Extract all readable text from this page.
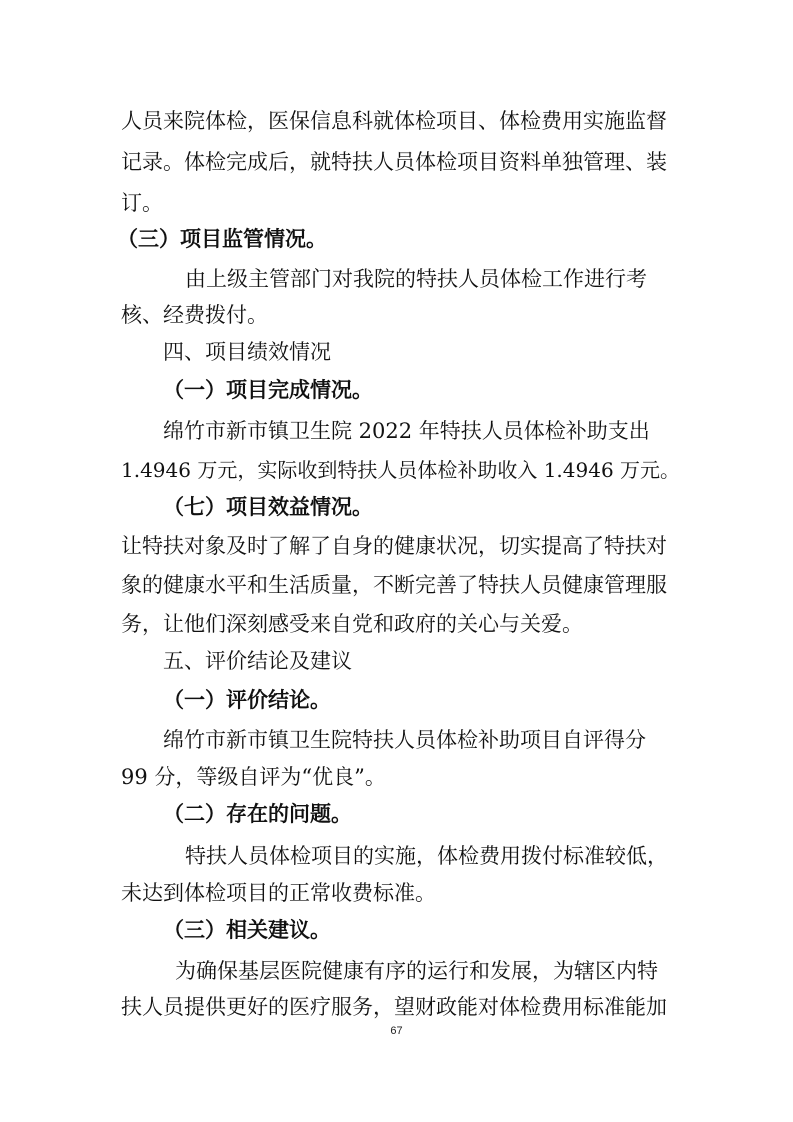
人员来院体检，医保信息科就体检项目、体检费用实施监督
记录。体检完成后，就特扶人员体检项目资料单独管理、装
订。
（三）项目监管情况。
由上级主管部门对我院的特扶人员体检工作进行考
核、经费拨付。
四、项目绩效情况
（一）项目完成情况。
绵竹市新市镇卫生院 2022 年特扶人员体检补助支出
1.4946 万元，实际收到特扶人员体检补助收入 1.4946 万元。
（七）项目效益情况。
让特扶对象及时了解了自身的健康状况，切实提高了特扶对
象的健康水平和生活质量，不断完善了特扶人员健康管理服
务，让他们深刻感受来自党和政府的关心与关爱。
五、评价结论及建议
（一）评价结论。
绵竹市新市镇卫生院特扶人员体检补助项目自评得分
99 分，等级自评为“优良”。
（二）存在的问题。
特扶人员体检项目的实施，体检费用拨付标准较低，
未达到体检项目的正常收费标准。
（三）相关建议。
为确保基层医院健康有序的运行和发展，为辖区内特
扶人员提供更好的医疗服务，望财政能对体检费用标准能加
67
